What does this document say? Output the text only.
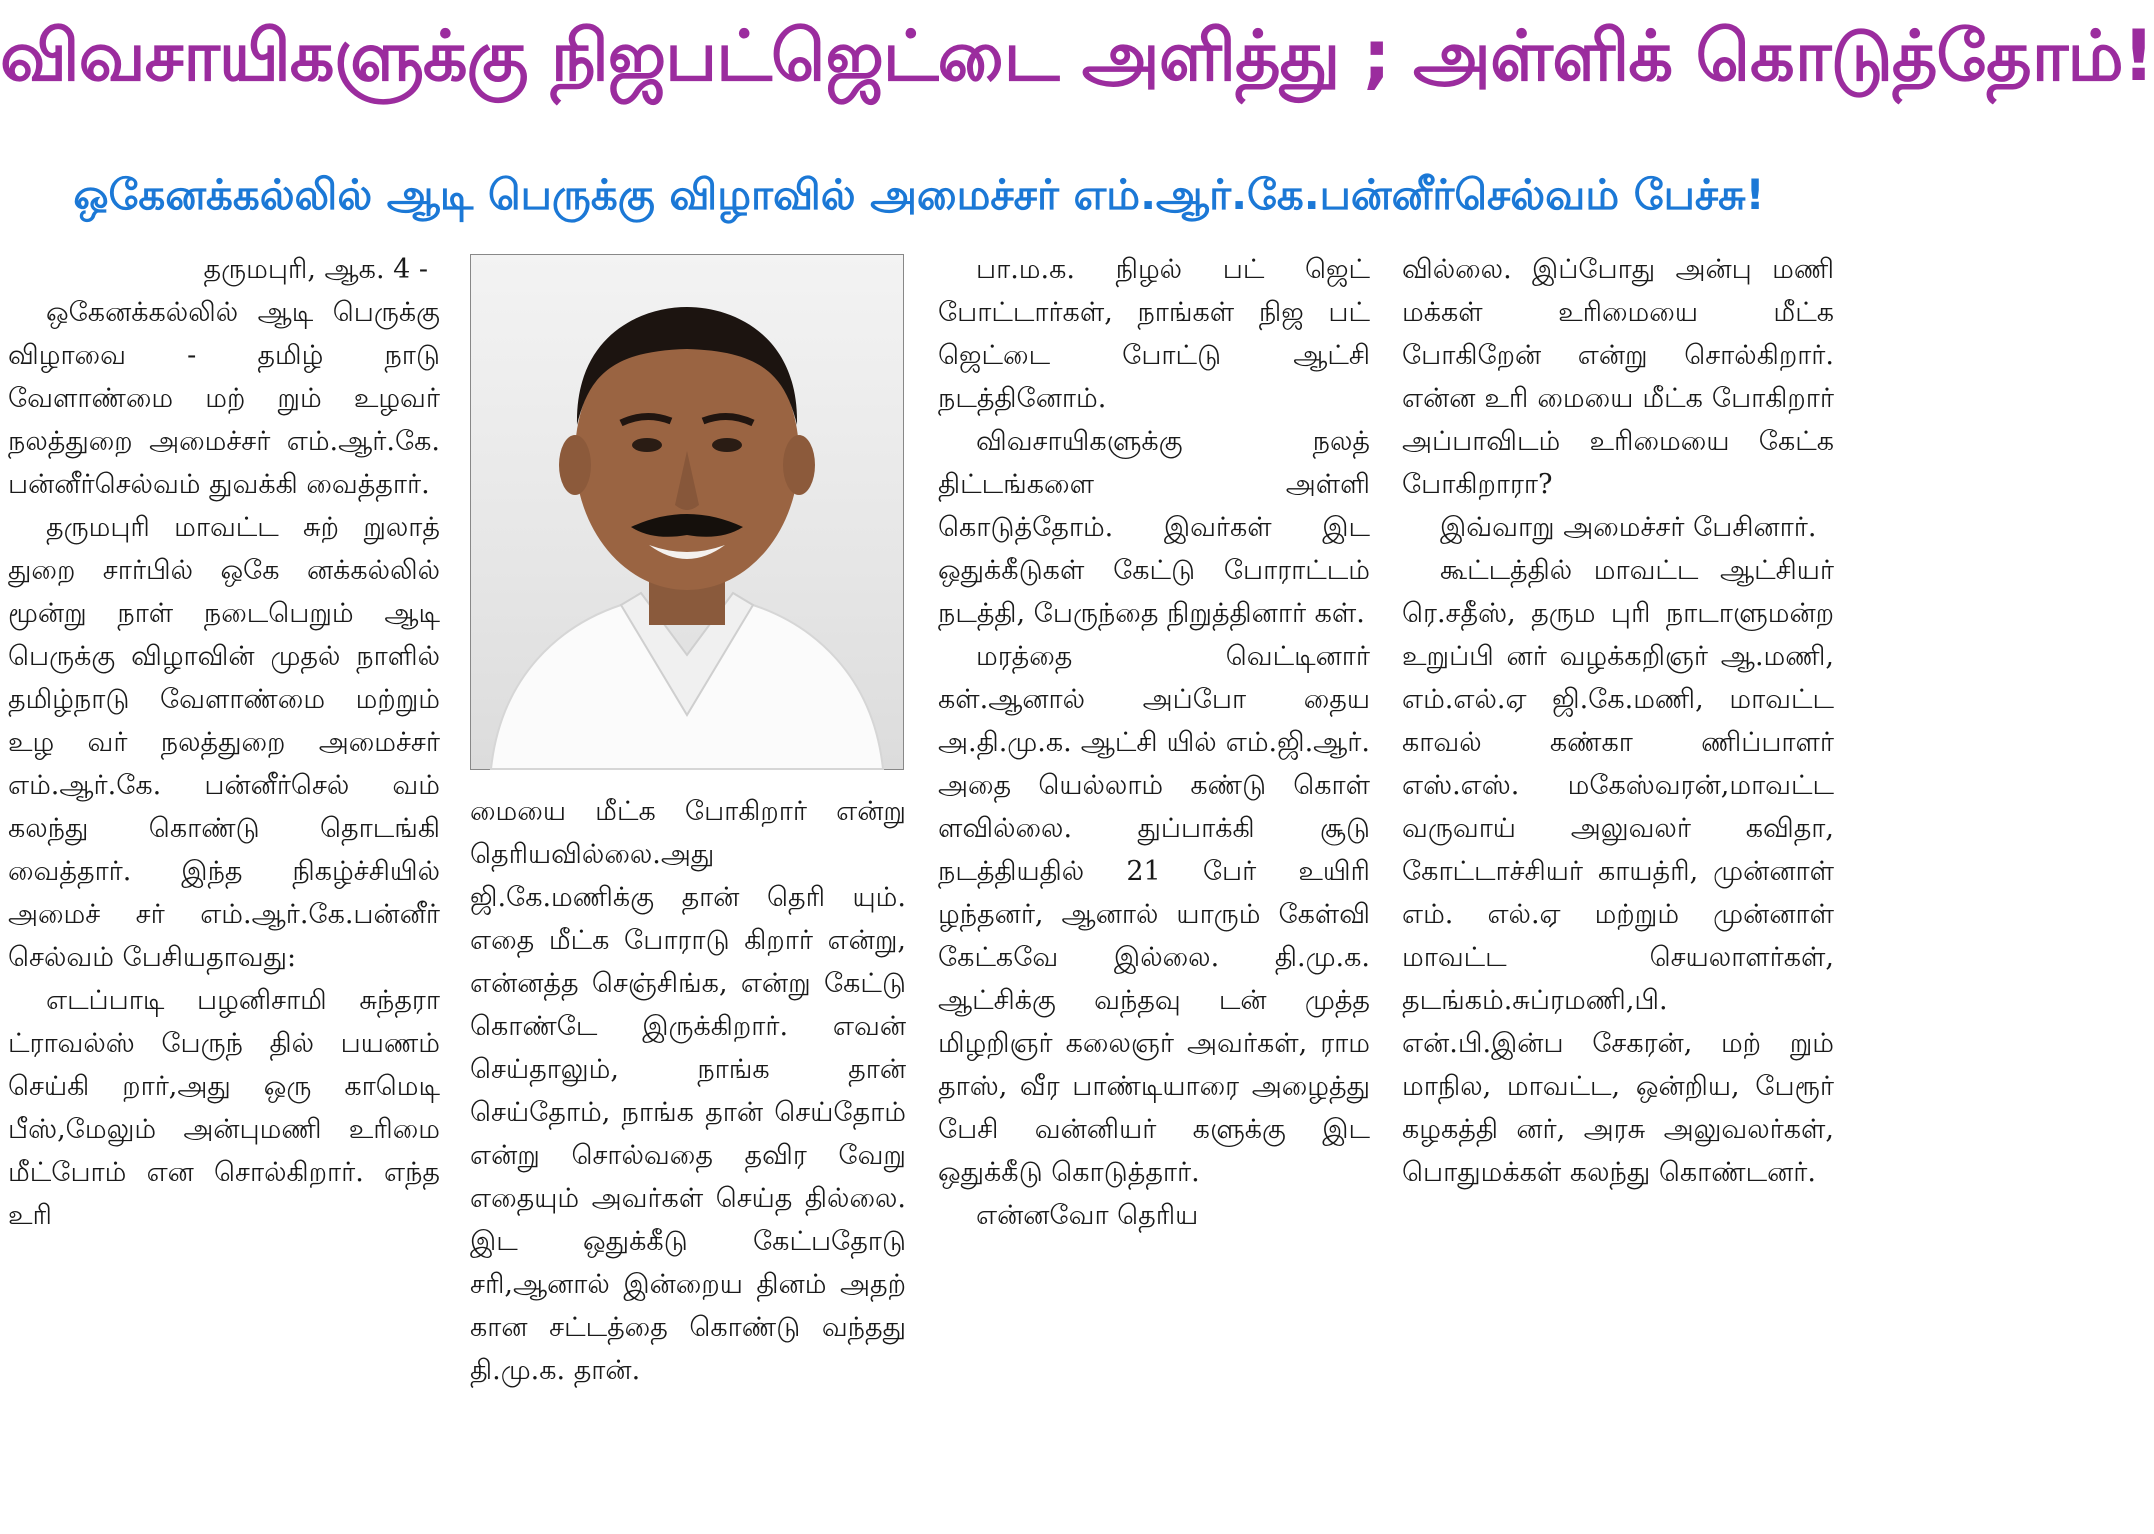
விவசாயிகளுக்கு நிஜபட்ஜெட்டை அளித்து ; அள்ளிக் கொடுத்தோம்!
ஒகேனக்கல்லில் ஆடி பெருக்கு விழாவில் அமைச்சர் எம்.ஆர்.கே.பன்னீர்செல்வம் பேச்சு!
தருமபுரி, ஆக. 4 -

ஒகேனக்கல்லில் ஆடி பெருக்கு விழாவை - தமிழ் நாடு வேளாண்மை மற் றும் உழவர் நலத்துறை அமைச்சர் எம்.ஆர்.கே. பன்னீர்செல்வம் துவக்கி வைத்தார்.

தருமபுரி மாவட்ட சுற் றுலாத் துறை சார்பில் ஒகே னக்கல்லில் மூன்று நாள் நடைபெறும் ஆடி பெருக்கு விழாவின் முதல் நாளில் தமிழ்நாடு வேளாண்மை மற்றும் உழ வர் நலத்துறை அமைச்சர் எம்.ஆர்.கே. பன்னீர்செல் வம் கலந்து கொண்டு தொடங்கி வைத்தார். இந்த நிகழ்ச்சியில் அமைச் சர் எம்.ஆர்.கே.பன்னீர் செல்வம் பேசியதாவது:

எடப்பாடி பழனிசாமி சுந்தரா ட்ராவல்ஸ் பேருந் தில் பயணம் செய்கி றார்,அது ஒரு காமெடி பீஸ்,மேலும் அன்புமணி உரிமை மீட்போம் என சொல்கிறார். எந்த உரி

மையை மீட்க போகிறார் என்று தெரியவில்லை.அது ஜி.கே.மணிக்கு தான் தெரி யும். எதை மீட்க போராடு கிறார் என்று, என்னத்த செஞ்சிங்க, என்று கேட்டு கொண்டே இருக்கிறார். எவன் செய்தாலும், நாங்க தான் செய்தோம், நாங்க தான் செய்தோம் என்று சொல்வதை தவிர வேறு எதையும் அவர்கள் செய்த தில்லை. இட ஒதுக்கீடு கேட்பதோடு சரி,ஆனால் இன்றைய தினம் அதற் கான சட்டத்தை கொண்டு வந்தது தி.மு.க. தான்.

பா.ம.க. நிழல் பட் ஜெட் போட்டார்கள், நாங்கள் நிஜ பட் ஜெட்டை போட்டு ஆட்சி நடத்தினோம்.

விவசாயிகளுக்கு நலத் திட்டங்களை அள்ளி கொடுத்தோம். இவர்கள் இட ஒதுக்கீடுகள் கேட்டு போராட்டம் நடத்தி, பேருந்தை நிறுத்தினார் கள்.

மரத்தை வெட்டினார் கள்.ஆனால் அப்போ தைய அ.தி.மு.க. ஆட்சி யில் எம்.ஜி.ஆர். அதை யெல்லாம் கண்டு கொள் ளவில்லை. துப்பாக்கி சூடு நடத்தியதில் 21 பேர் உயிரி ழந்தனர், ஆனால் யாரும் கேள்வி கேட்கவே இல்லை. தி.மு.க. ஆட்சிக்கு வந்தவு டன் முத்த மிழறிஞர் கலைஞர் அவர்கள், ராம தாஸ், வீர பாண்டியாரை அழைத்து பேசி வன்னியர் களுக்கு இட ஒதுக்கீடு கொடுத்தார்.

என்னவோ தெரிய

வில்லை. இப்போது அன்பு மணி மக்கள் உரிமையை மீட்க போகிறேன் என்று சொல்கிறார். என்ன உரி மையை மீட்க போகிறார் அப்பாவிடம் உரிமையை கேட்க போகிறாரா?

இவ்வாறு அமைச்சர் பேசினார்.

கூட்டத்தில் மாவட்ட ஆட்சியர் ரெ.சதீஸ், தரும புரி நாடாளுமன்ற உறுப்பி னர் வழக்கறிஞர் ஆ.மணி, எம்.எல்.ஏ ஜி.கே.மணி, மாவட்ட காவல் கண்கா ணிப்பாளர் எஸ்.எஸ். மகேஸ்வரன்,மாவட்ட வருவாய் அலுவலர் கவிதா, கோட்டாச்சியர் காயத்ரி, முன்னாள் எம். எல்.ஏ மற்றும் முன்னாள் மாவட்ட செயலாளர்கள், தடங்கம்.சுப்ரமணி,பி. என்.பி.இன்ப சேகரன், மற் றும் மாநில, மாவட்ட, ஒன்றிய, பேரூர் கழகத்தி னர், அரசு அலுவலர்கள், பொதுமக்கள் கலந்து கொண்டனர்.
